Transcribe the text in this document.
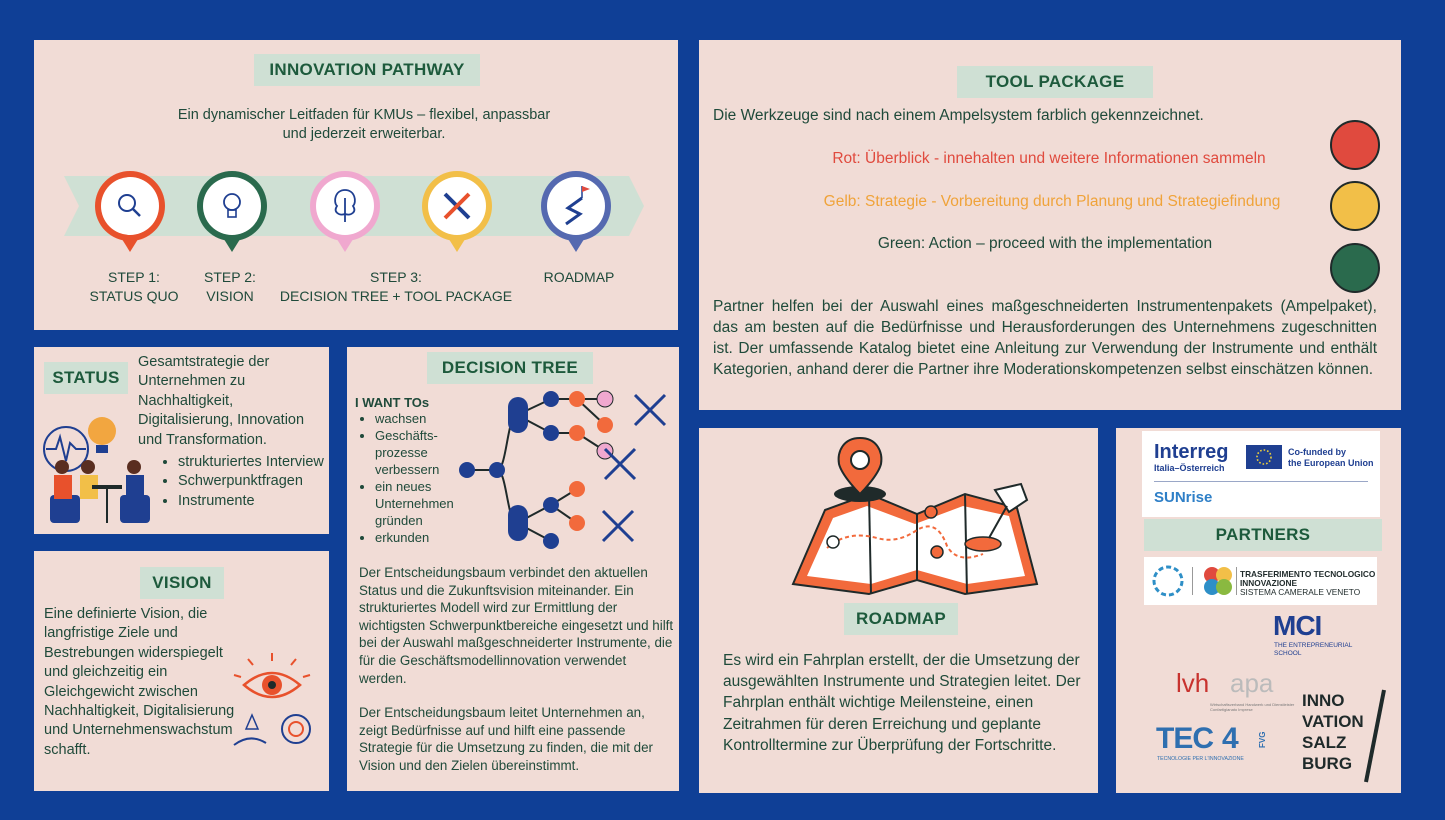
INNOVATION PATHWAY
Ein dynamischer Leitfaden für KMUs – flexibel, anpassbar
und jederzeit erweiterbar.
STEP 1:
STATUS QUO
STEP 2:
VISION
STEP 3:
DECISION TREE + TOOL PACKAGE
ROADMAP
TOOL PACKAGE
Die Werkzeuge sind nach einem Ampelsystem farblich gekennzeichnet.
Rot: Überblick - innehalten und weitere Informationen sammeln
Gelb: Strategie - Vorbereitung durch Planung und Strategiefindung
Green: Action – proceed with the implementation
Partner helfen bei der Auswahl eines maßgeschneiderten Instrumentenpakets (Ampelpaket), das am besten auf die Bedürfnisse und Herausforderungen des Unternehmens zugeschnitten ist. Der umfassende Katalog bietet eine Anleitung zur Verwendung der Instrumente und enthält Kategorien, anhand derer die Partner ihre Moderationskompetenzen selbst einschätzen können.
STATUS
Gesamtstrategie der Unternehmen zu Nachhaltigkeit, Digitalisierung, Innovation und Transformation.
• strukturiertes Interview
• Schwerpunktfragen
• Instrumente
DECISION TREE
I WANT TOs
• wachsen
• Geschäfts-prozesse verbessern
• ein neues Unternehmen gründen
• erkunden
Der Entscheidungsbaum verbindet den aktuellen Status und die Zukunftsvision miteinander. Ein strukturiertes Modell wird zur Ermittlung der wichtigsten Schwerpunktbereiche eingesetzt und hilft bei der Auswahl maßgeschneiderter Instrumente, die für die Geschäftsmodellinnovation verwendet werden.
Der Entscheidungsbaum leitet Unternehmen an, zeigt Bedürfnisse auf und hilft eine passende Strategie für die Umsetzung zu finden, die mit der Vision und den Zielen übereinstimmt.
VISION
Eine definierte Vision, die langfristige Ziele und Bestrebungen widerspiegelt und gleichzeitig ein Gleichgewicht zwischen Nachhaltigkeit, Digitalisierung und Unternehmenswachstum schafft.
ROADMAP
Es wird ein Fahrplan erstellt, der die Umsetzung der ausgewählten Instrumente und Strategien leitet. Der Fahrplan enthält wichtige Meilensteine, einen Zeitrahmen für deren Erreichung und geplante Kontrolltermine zur Überprüfung der Fortschritte.
Interreg
Italia–Österreich
Co-funded by
the European Union
SUNrise
PARTNERS
TRASFERIMENTO TECNOLOGICO
INNOVAZIONE
SISTEMA CAMERALE VENETO
MCI
THE ENTREPRENEURIAL
SCHOOL
lvh apa
Wirtschaftsverband Handwerk und Dienstleister
Confartigianato Imprese
TEC 4 FVG
TECNOLOGIE PER L'INNOVAZIONE
INNO
VATION
SALZ
BURG
